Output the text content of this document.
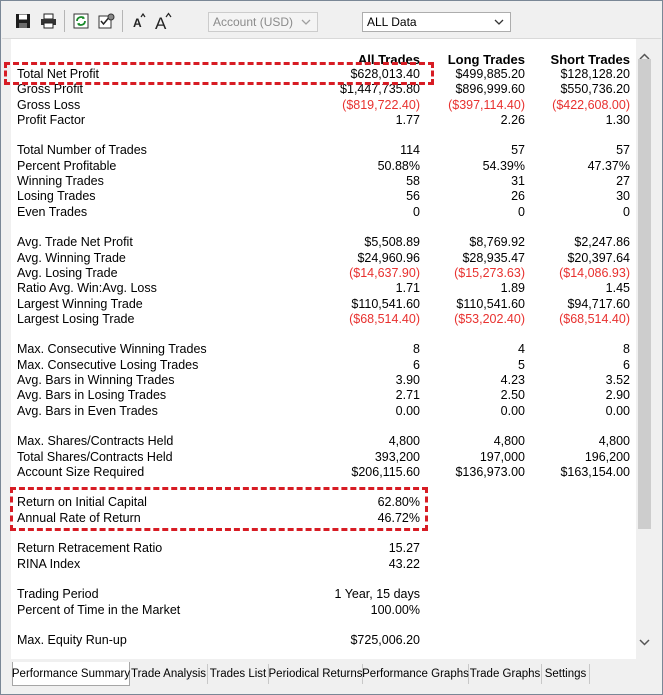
A A	Account (USD)	ALL Data
All Trades Long Trades Short Trades
Total Net Profit	$628,013.40	$499,885.20	$128,128.20
Gross Profit	$1,447,735.80	$896,999.60	$550,736.20
Gross Loss	($819,722.40) ($397,114.40) ($422,608.00)
Profit Factor	1.77	2.26	1.30
Total Number of Trades	114	57	57
Percent Profitable	50.88%	54.39%	47.37%
Winning Trades	58	31	27
Losing Trades	56	26	30
Even Trades	0	0	0
Avg. Trade Net Profit	$5,508.89	$8,769.92	$2,247.86
Avg. Winning Trade	$24,960.96	$28,935.47	$20,397.64
Avg. Losing Trade	($14,637.90)	($15,273.63)	($14,086.93)
Ratio Avg. Win:Avg. Loss	1.71	1.89	1.45
Largest Winning Trade	$110,541.60	$110,541.60	$94,717.60
Largest Losing Trade	($68,514.40)	($53,202.40)	($68,514.40)
Max. Consecutive Winning Trades	8	4	8
Max. Consecutive Losing Trades	6	5	6
Avg. Bars in Winning Trades	3.90	4.23	3.52
Avg. Bars in Losing Trades	2.71	2.50	2.90
Avg. Bars in Even Trades	0.00	0.00	0.00
Max. Shares/Contracts Held	4,800	4,800	4,800
Total Shares/Contracts Held	393,200	197,000	196,200
Account Size Required	$206,115.60	$136,973.00	$163,154.00
Return on Initial Capital	62.80%
Annual Rate of Return	46.72%
Return Retracement Ratio	15.27
RINA Index	43.22
Trading Period	1 Year, 15 days
Percent of Time in the Market	100.00%
Max. Equity Run-up	$725,006.20
Performance Summary Trade Analysis Trades List Periodical Returns Performance Graphs Trade Graphs Settings
